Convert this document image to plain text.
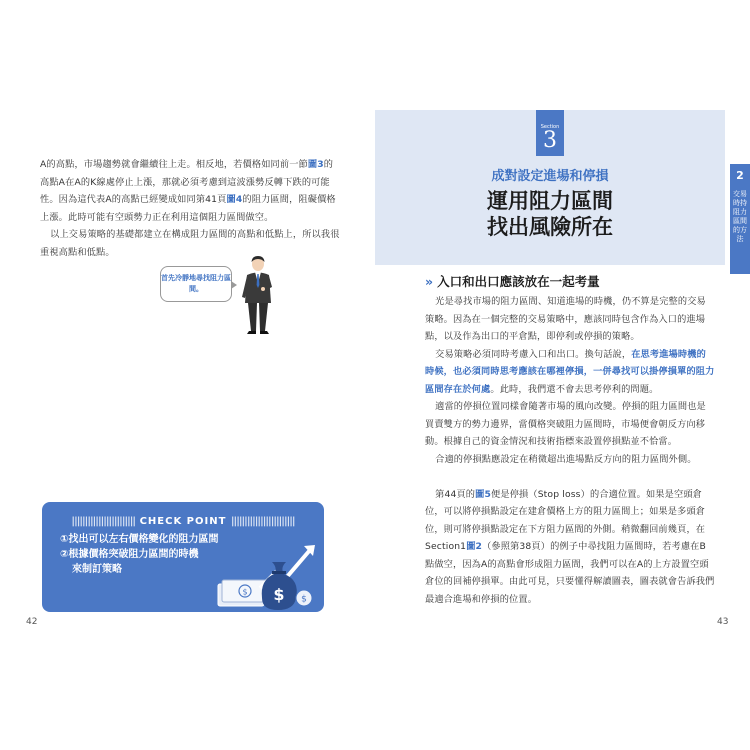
A的高點，市場趨勢就會繼續往上走。相反地，若價格如同前一節圖3的高點A在A的K線處停止上漲，那就必須考慮到這波漲勢反轉下跌的可能性。因為這代表A的高點已經變成如同第41頁圖4的阻力區間，阻礙價格上漲。此時可能有空頭勢力正在利用這個阻力區間做空。

以上交易策略的基礎都建立在構成阻力區間的高點和低點上，所以我很重視高點和低點。

首先冷靜地尋找阻力區間。
|||||||||||||||||||||||| CHECK POINT ||||||||||||||||||||||||
①找出可以左右價格變化的阻力區間
②根據價格突破阻力區間的時機
來制訂策略
$ $ $
42
Section
3
成對設定進場和停損
運用阻力區間
找出風險所在
2
交易時持阻力區間的方法
» 入口和出口應該放在一起考量

光是尋找市場的阻力區間、知道進場的時機，仍不算是完整的交易策略。因為在一個完整的交易策略中，應該同時包含作為入口的進場點，以及作為出口的平倉點，即停利或停損的策略。

交易策略必須同時考慮入口和出口。換句話說，在思考進場時機的時候，也必須同時思考應該在哪裡停損，一併尋找可以掛停損單的阻力區間存在於何處。此時，我們還不會去思考停利的問題。

適當的停損位置同樣會隨著市場的風向改變。停損的阻力區間也是買賣雙方的勢力邊界，當價格突破阻力區間時，市場便會朝反方向移動。根據自己的資金情況和技術指標來設置停損點並不恰當。

合適的停損點應設定在稍微超出進場點反方向的阻力區間外側。

第44頁的圖5便是停損（Stop loss）的合適位置。如果是空頭倉位，可以將停損點設定在建倉價格上方的阻力區間上；如果是多頭倉位，則可將停損點設定在下方阻力區間的外側。稍微翻回前幾頁，在Section1圖2（參照第38頁）的例子中尋找阻力區間時，若考慮在B點做空，因為A的高點會形成阻力區間，我們可以在A的上方設置空頭倉位的回補停損單。由此可見，只要懂得解讀圖表，圖表就會告訴我們最適合進場和停損的位置。

43
